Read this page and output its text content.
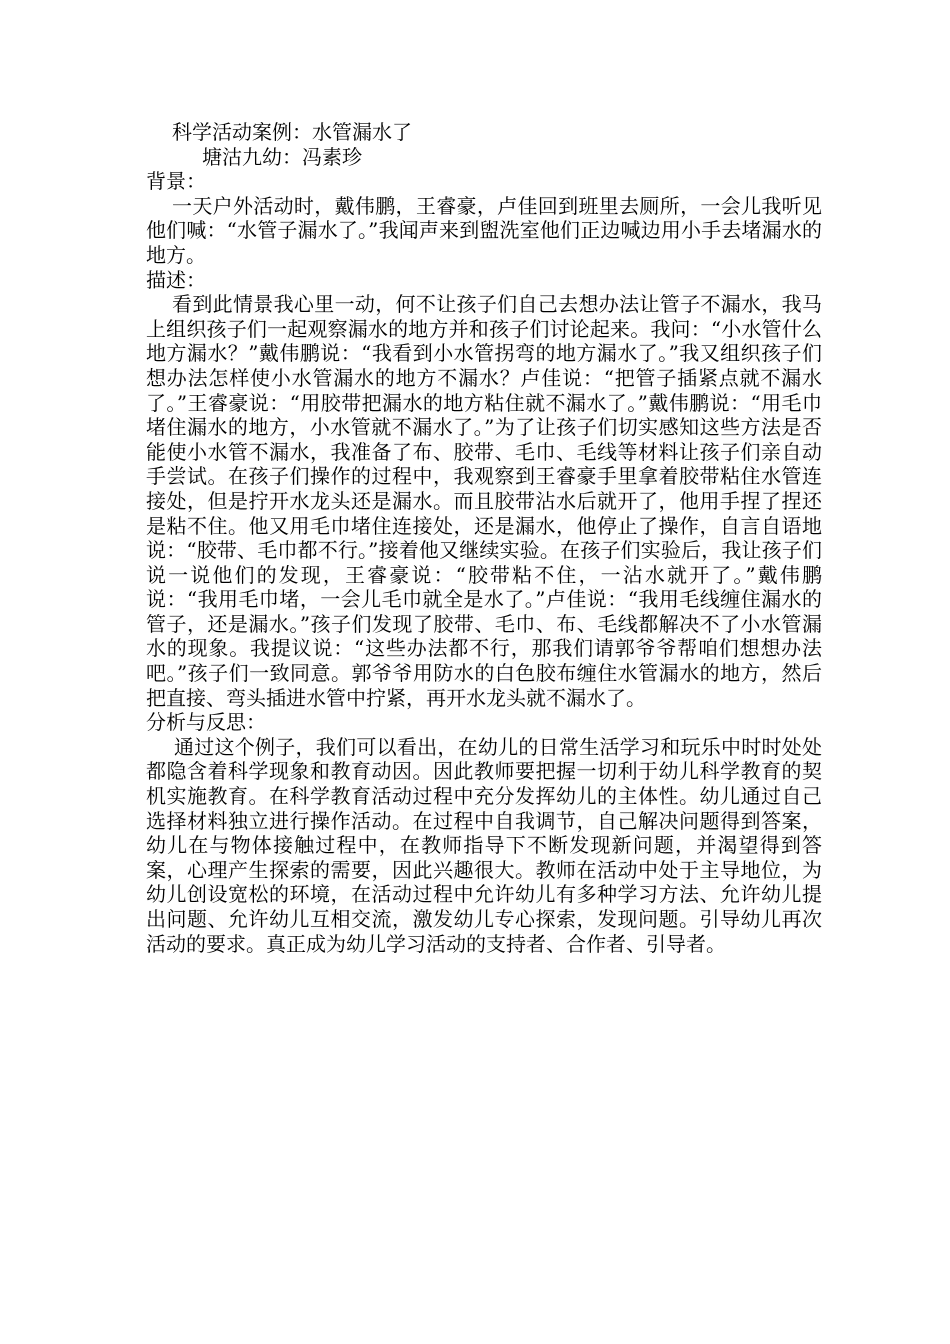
科学活动案例：水管漏水了
塘沽九幼：冯素珍
背景：

一天户外活动时，戴伟鹏，王睿豪，卢佳回到班里去厕所，一会儿我听见他们喊：“水管子漏水了。”我闻声来到盥洗室他们正边喊边用小手去堵漏水的地方。

描述：

看到此情景我心里一动，何不让孩子们自己去想办法让管子不漏水，我马上组织孩子们一起观察漏水的地方并和孩子们讨论起来。我问：“小水管什么地方漏水？”戴伟鹏说：“我看到小水管拐弯的地方漏水了。”我又组织孩子们想办法怎样使小水管漏水的地方不漏水？卢佳说：“把管子插紧点就不漏水了。”王睿豪说：“用胶带把漏水的地方粘住就不漏水了。”戴伟鹏说：“用毛巾堵住漏水的地方，小水管就不漏水了。”为了让孩子们切实感知这些方法是否能使小水管不漏水，我准备了布、胶带、毛巾、毛线等材料让孩子们亲自动手尝试。在孩子们操作的过程中，我观察到王睿豪手里拿着胶带粘住水管连接处，但是拧开水龙头还是漏水。而且胶带沾水后就开了，他用手捏了捏还是粘不住。他又用毛巾堵住连接处，还是漏水，他停止了操作，自言自语地说：“胶带、毛巾都不行。”接着他又继续实验。在孩子们实验后，我让孩子们说一说他们的发现，王睿豪说：“胶带粘不住，一沾水就开了。”戴伟鹏说：“我用毛巾堵，一会儿毛巾就全是水了。”卢佳说：“我用毛线缠住漏水的管子，还是漏水。”孩子们发现了胶带、毛巾、布、毛线都解决不了小水管漏水的现象。我提议说：“这些办法都不行，那我们请郭爷爷帮咱们想想办法吧。”孩子们一致同意。郭爷爷用防水的白色胶布缠住水管漏水的地方，然后把直接、弯头插进水管中拧紧，再开水龙头就不漏水了。

分析与反思：

通过这个例子，我们可以看出，在幼儿的日常生活学习和玩乐中时时处处都隐含着科学现象和教育动因。因此教师要把握一切利于幼儿科学教育的契机实施教育。在科学教育活动过程中充分发挥幼儿的主体性。幼儿通过自己选择材料独立进行操作活动。在过程中自我调节，自己解决问题得到答案，幼儿在与物体接触过程中，在教师指导下不断发现新问题，并渴望得到答案，心理产生探索的需要，因此兴趣很大。教师在活动中处于主导地位，为幼儿创设宽松的环境，在活动过程中允许幼儿有多种学习方法、允许幼儿提出问题、允许幼儿互相交流，激发幼儿专心探索，发现问题。引导幼儿再次活动的要求。真正成为幼儿学习活动的支持者、合作者、引导者。
